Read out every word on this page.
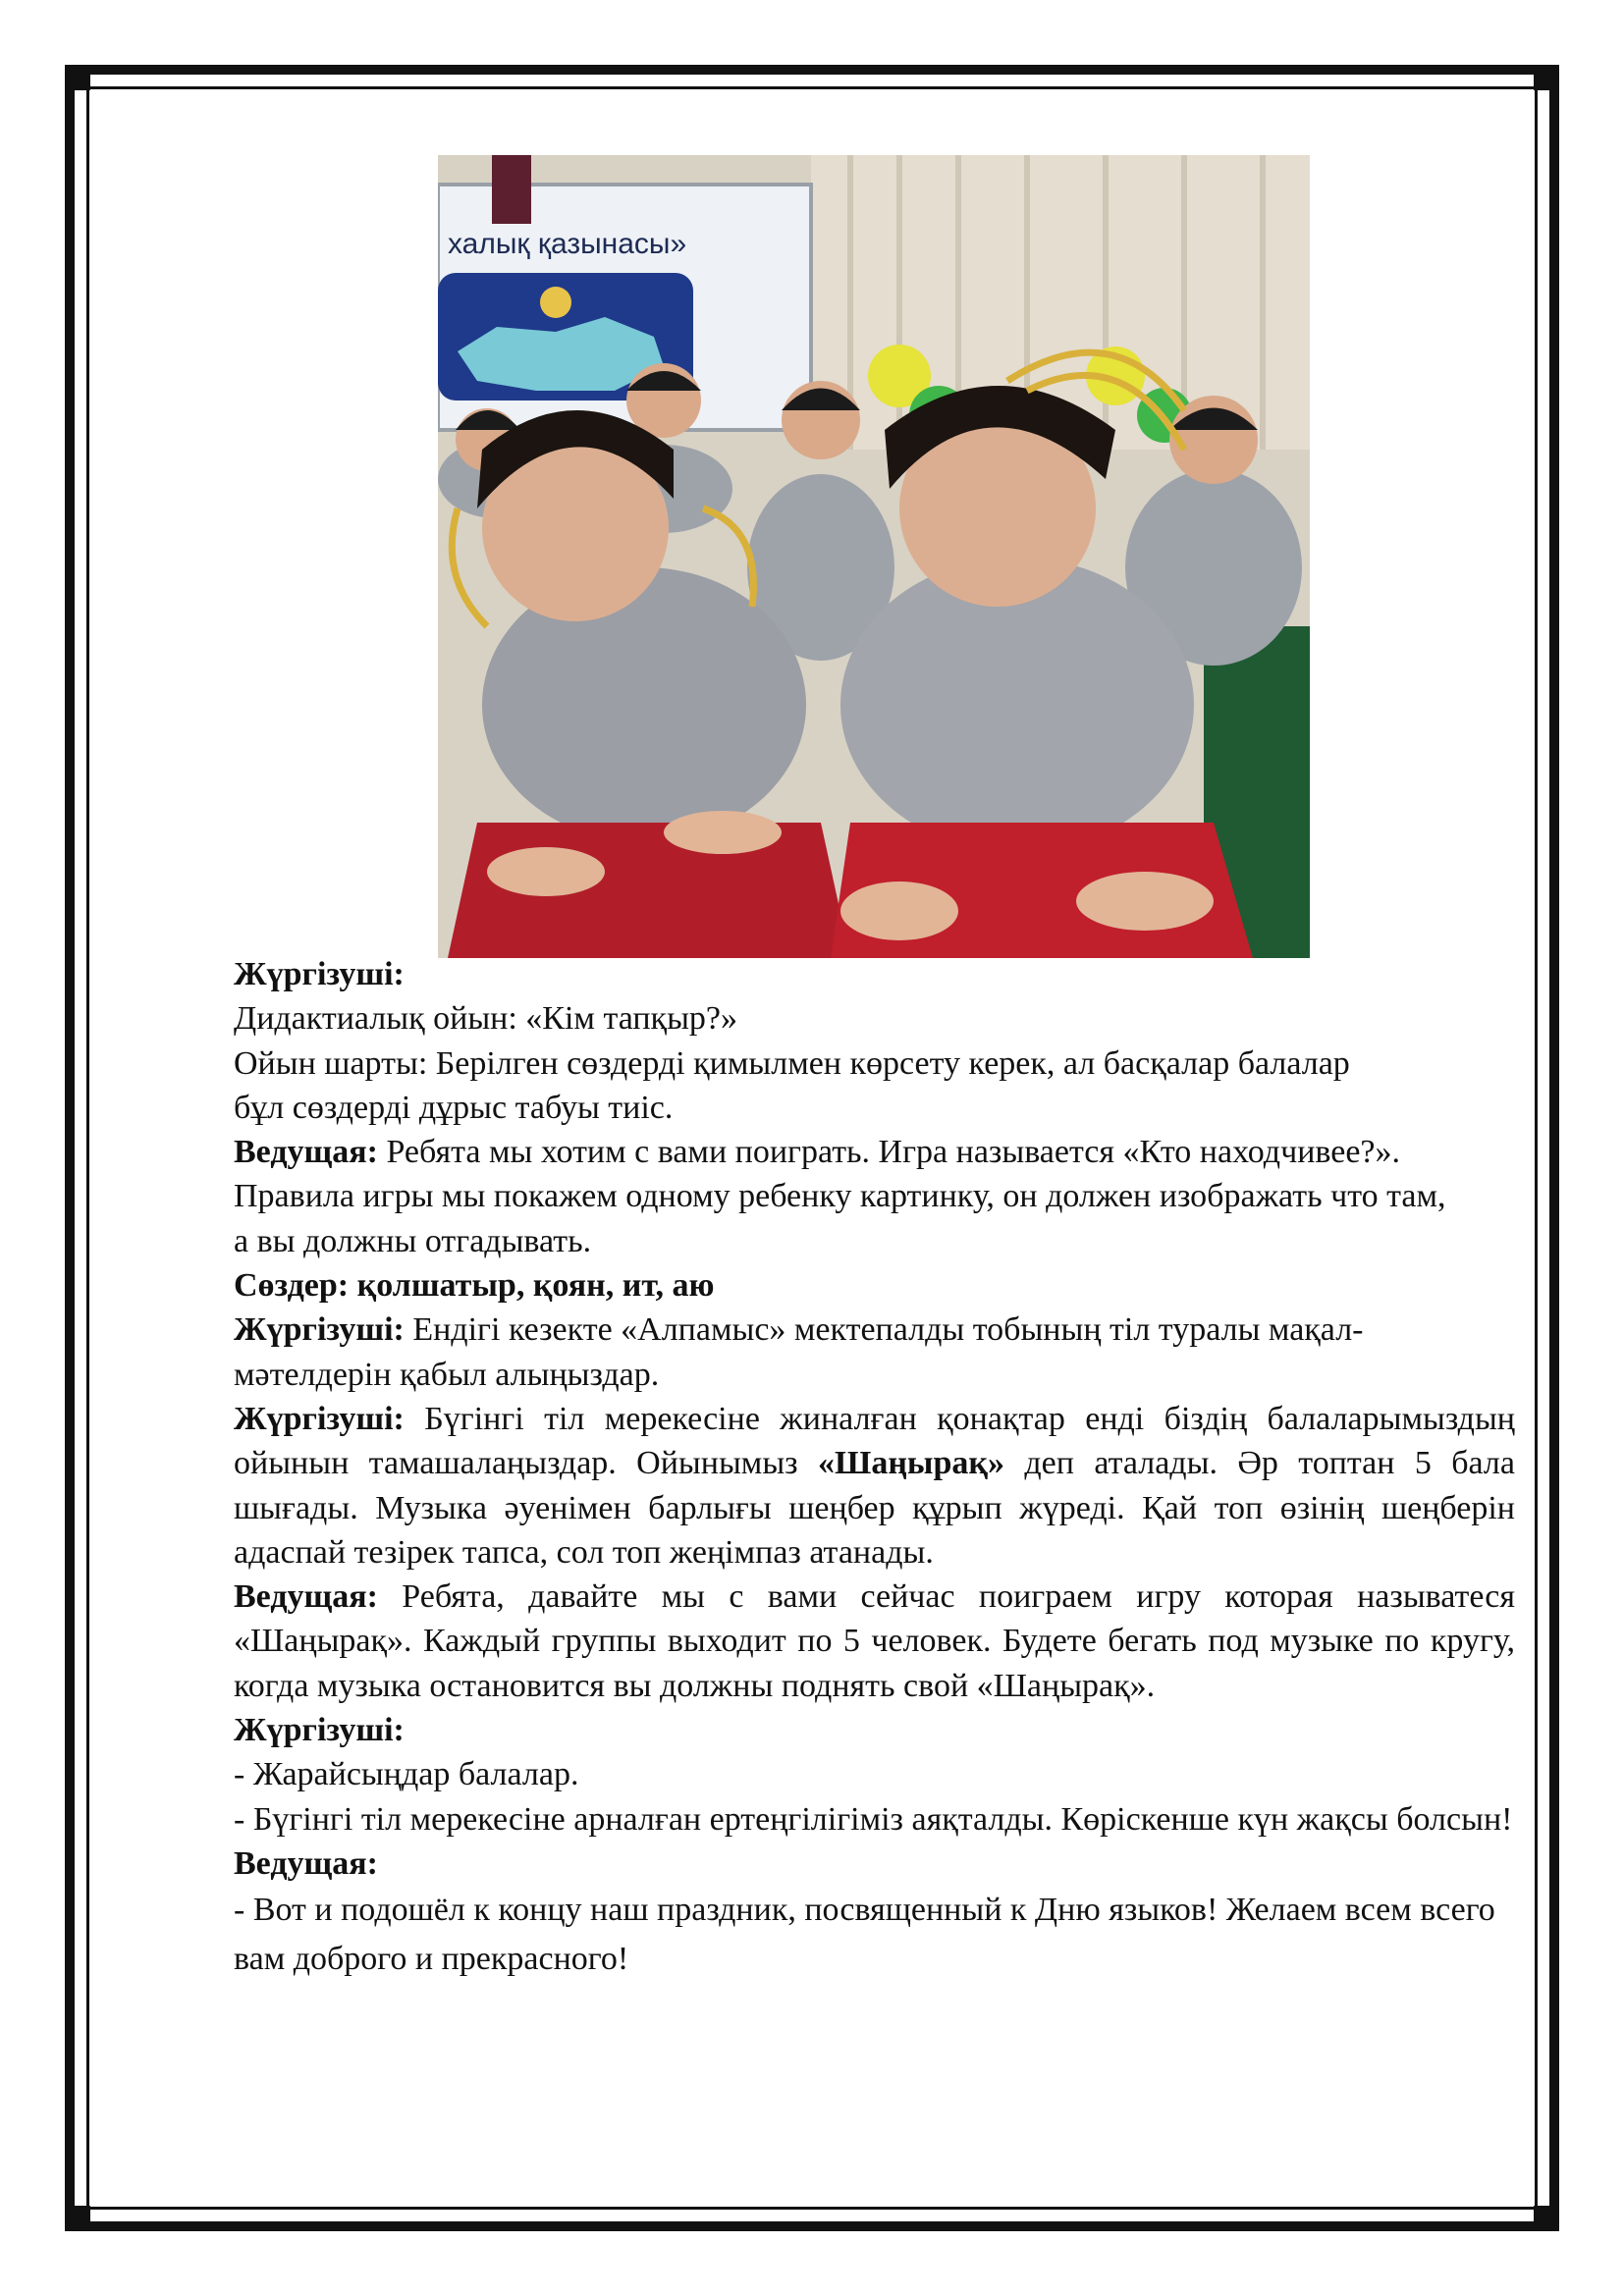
халық қазынасы»

Жүргізуші:

Дидактиалық ойын: «Кім тапқыр?»

Ойын шарты: Берілген сөздерді қимылмен көрсету керек, ал басқалар балалар бұл сөздерді дұрыс табуы тиіс.

Ведущая: Ребята мы хотим с вами поиграть. Игра называется «Кто находчивее?». Правила игры мы покажем одному ребенку картинку, он должен изображать что там, а вы должны отгадывать.

Сөздер: қолшатыр, қоян, ит, аю

Жүргізуші: Ендігі кезекте «Алпамыс» мектепалды тобының тіл туралы мақал-мәтелдерін қабыл алыңыздар.

Жүргізуші: Бүгінгі тіл мерекесіне жиналған қонақтар енді біздің балаларымыздың ойынын тамашалаңыздар. Ойынымыз «Шаңырақ» деп аталады. Әр топтан 5 бала шығады. Музыка әуенімен барлығы шеңбер құрып жүреді. Қай топ өзінің шеңберін адаспай тезірек тапса, сол топ жеңімпаз атанады.

Ведущая: Ребята, давайте мы с вами сейчас поиграем игру которая называтеся «Шаңырақ». Каждый группы выходит по 5 человек. Будете бегать под музыке по кругу, когда музыка остановится вы должны поднять свой «Шаңырақ».

Жүргізуші:

- Жарайсыңдар балалар.

- Бүгінгі тіл мерекесіне арналған ертеңгілігіміз аяқталды. Көріскенше күн жақсы болсын!

Ведущая:

- Вот и подошёл к концу наш праздник, посвященный к Дню языков! Желаем всем всего вам доброго и прекрасного!
